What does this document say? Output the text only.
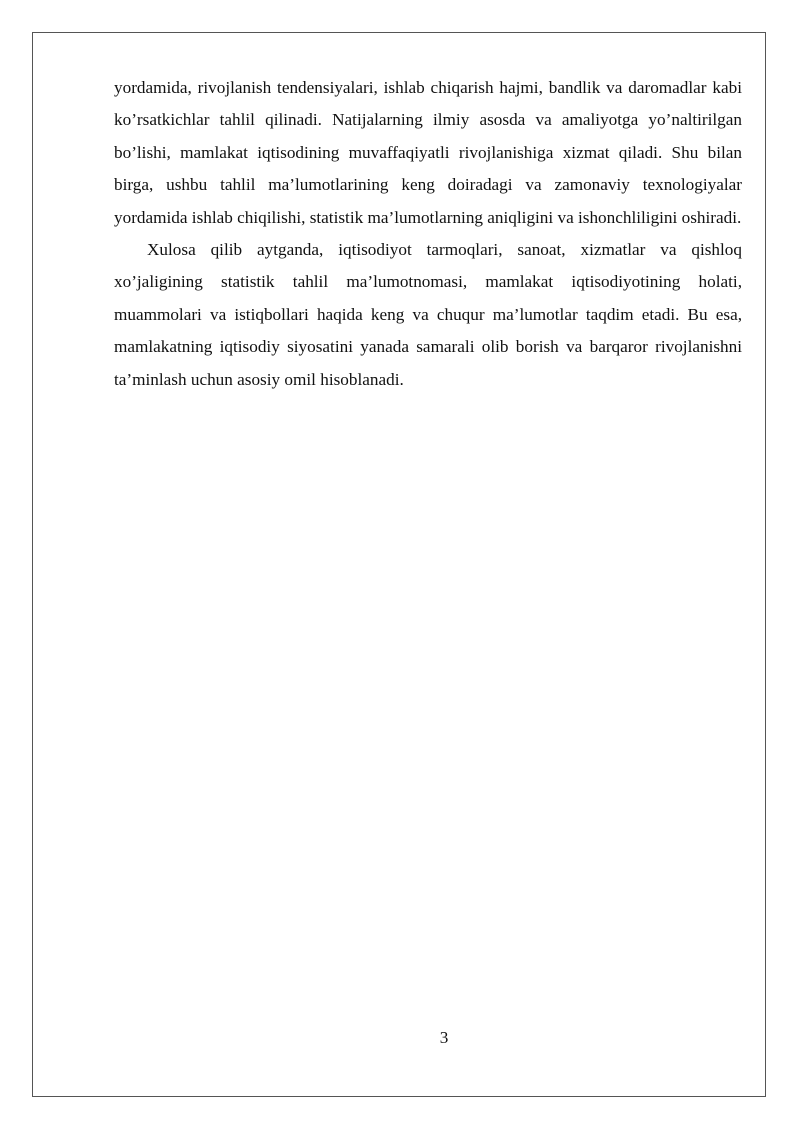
yordamida, rivojlanish tendensiyalari, ishlab chiqarish hajmi, bandlik va daromadlar kabi ko’rsatkichlar tahlil qilinadi. Natijalarning ilmiy asosda va amaliyotga yo’naltirilgan bo’lishi, mamlakat iqtisodining muvaffaqiyatli rivojlanishiga xizmat qiladi. Shu bilan birga, ushbu tahlil ma’lumotlarining keng doiradagi va zamonaviy texnologiyalar yordamida ishlab chiqilishi, statistik ma’lumotlarning aniqligini va ishonchliligini oshiradi.

Xulosa qilib aytganda, iqtisodiyot tarmoqlari, sanoat, xizmatlar va qishloq xo’jaligining statistik tahlil ma’lumotnomasi, mamlakat iqtisodiyotining holati, muammolari va istiqbollari haqida keng va chuqur ma’lumotlar taqdim etadi. Bu esa, mamlakatning iqtisodiy siyosatini yanada samarali olib borish va barqaror rivojlanishni ta’minlash uchun asosiy omil hisoblanadi.

3
